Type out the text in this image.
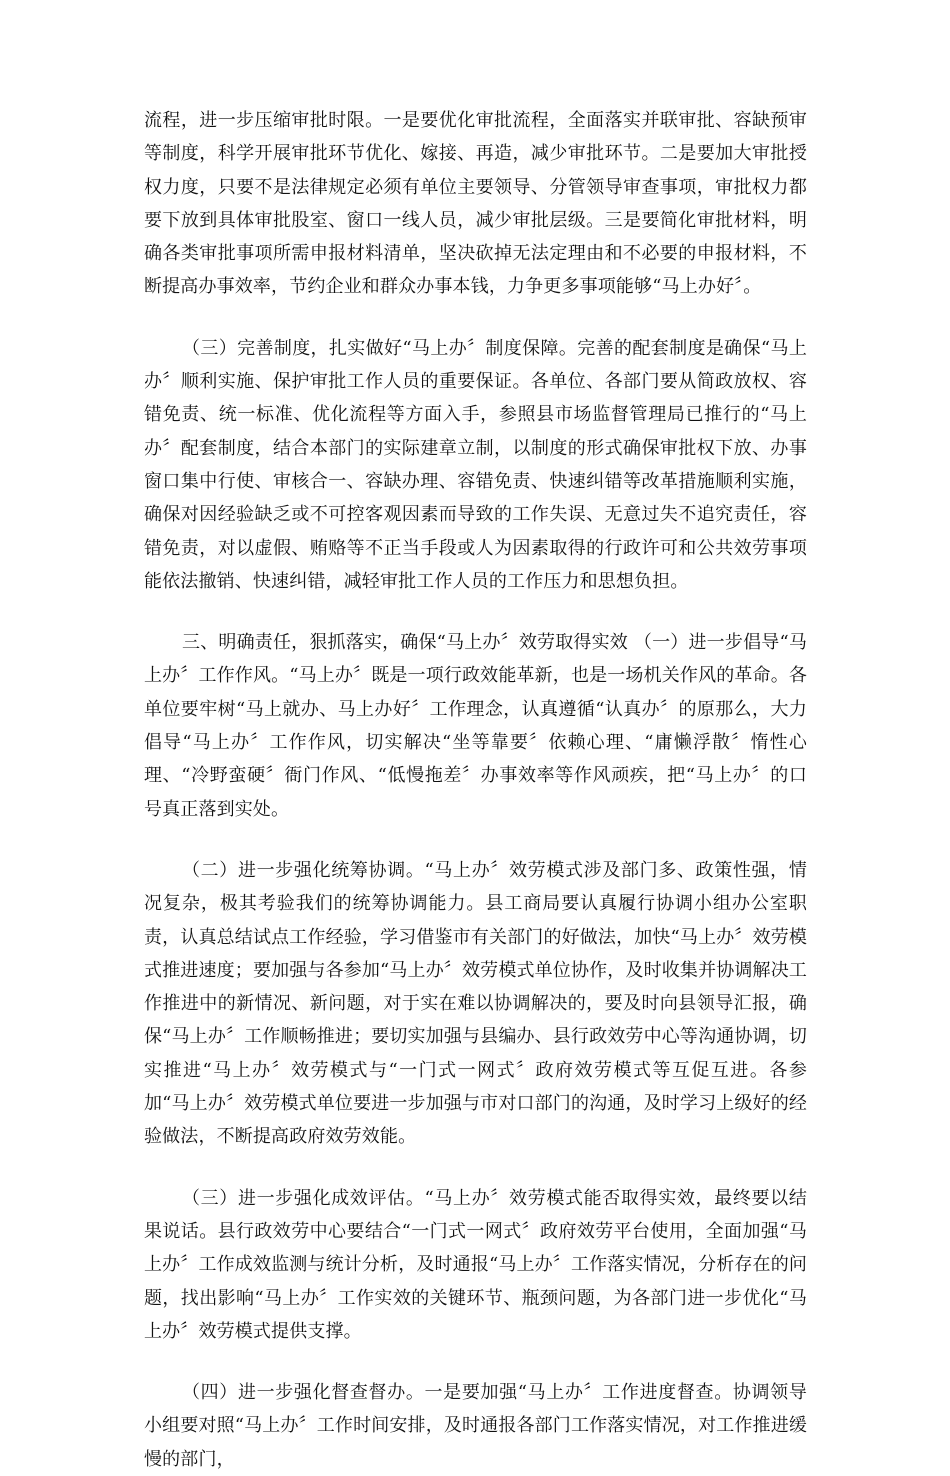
流程，进一步压缩审批时限。一是要优化审批流程，全面落实并联审批、容缺预审等制度，科学开展审批环节优化、嫁接、再造，减少审批环节。二是要加大审批授权力度，只要不是法律规定必须有单位主要领导、分管领导审查事项，审批权力都要下放到具体审批股室、窗口一线人员，减少审批层级。三是要简化审批材料，明确各类审批事项所需申报材料清单，坚决砍掉无法定理由和不必要的申报材料，不断提高办事效率，节约企业和群众办事本钱，力争更多事项能够“马上办好〞。

（三）完善制度，扎实做好“马上办〞制度保障。完善的配套制度是确保“马上办〞顺利实施、保护审批工作人员的重要保证。各单位、各部门要从简政放权、容错免责、统一标准、优化流程等方面入手，参照县市场监督管理局已推行的“马上办〞配套制度，结合本部门的实际建章立制，以制度的形式确保审批权下放、办事窗口集中行使、审核合一、容缺办理、容错免责、快速纠错等改革措施顺利实施，确保对因经验缺乏或不可控客观因素而导致的工作失误、无意过失不追究责任，容错免责，对以虚假、贿赂等不正当手段或人为因素取得的行政许可和公共效劳事项能依法撤销、快速纠错，减轻审批工作人员的工作压力和思想负担。

三、明确责任，狠抓落实，确保“马上办〞效劳取得实效 （一）进一步倡导“马上办〞工作作风。“马上办〞既是一项行政效能革新，也是一场机关作风的革命。各单位要牢树“马上就办、马上办好〞工作理念，认真遵循“认真办〞的原那么，大力倡导“马上办〞工作作风，切实解决“坐等靠要〞依赖心理、“庸懒浮散〞惰性心理、“冷野蛮硬〞衙门作风、“低慢拖差〞办事效率等作风顽疾，把“马上办〞的口号真正落到实处。

（二）进一步强化统筹协调。“马上办〞效劳模式涉及部门多、政策性强，情况复杂，极其考验我们的统筹协调能力。县工商局要认真履行协调小组办公室职责，认真总结试点工作经验，学习借鉴市有关部门的好做法，加快“马上办〞效劳模式推进速度；要加强与各参加“马上办〞效劳模式单位协作，及时收集并协调解决工作推进中的新情况、新问题，对于实在难以协调解决的，要及时向县领导汇报，确保“马上办〞工作顺畅推进；要切实加强与县编办、县行政效劳中心等沟通协调，切实推进“马上办〞效劳模式与“一门式一网式〞政府效劳模式等互促互进。各参加“马上办〞效劳模式单位要进一步加强与市对口部门的沟通，及时学习上级好的经验做法，不断提高政府效劳效能。

（三）进一步强化成效评估。“马上办〞效劳模式能否取得实效，最终要以结果说话。县行政效劳中心要结合“一门式一网式〞政府效劳平台使用，全面加强“马上办〞工作成效监测与统计分析，及时通报“马上办〞工作落实情况，分析存在的问题，找出影响“马上办〞工作实效的关键环节、瓶颈问题，为各部门进一步优化“马上办〞效劳模式提供支撑。

（四）进一步强化督查督办。一是要加强“马上办〞工作进度督查。协调领导小组要对照“马上办〞工作时间安排，及时通报各部门工作落实情况，对工作推进缓慢的部门，
